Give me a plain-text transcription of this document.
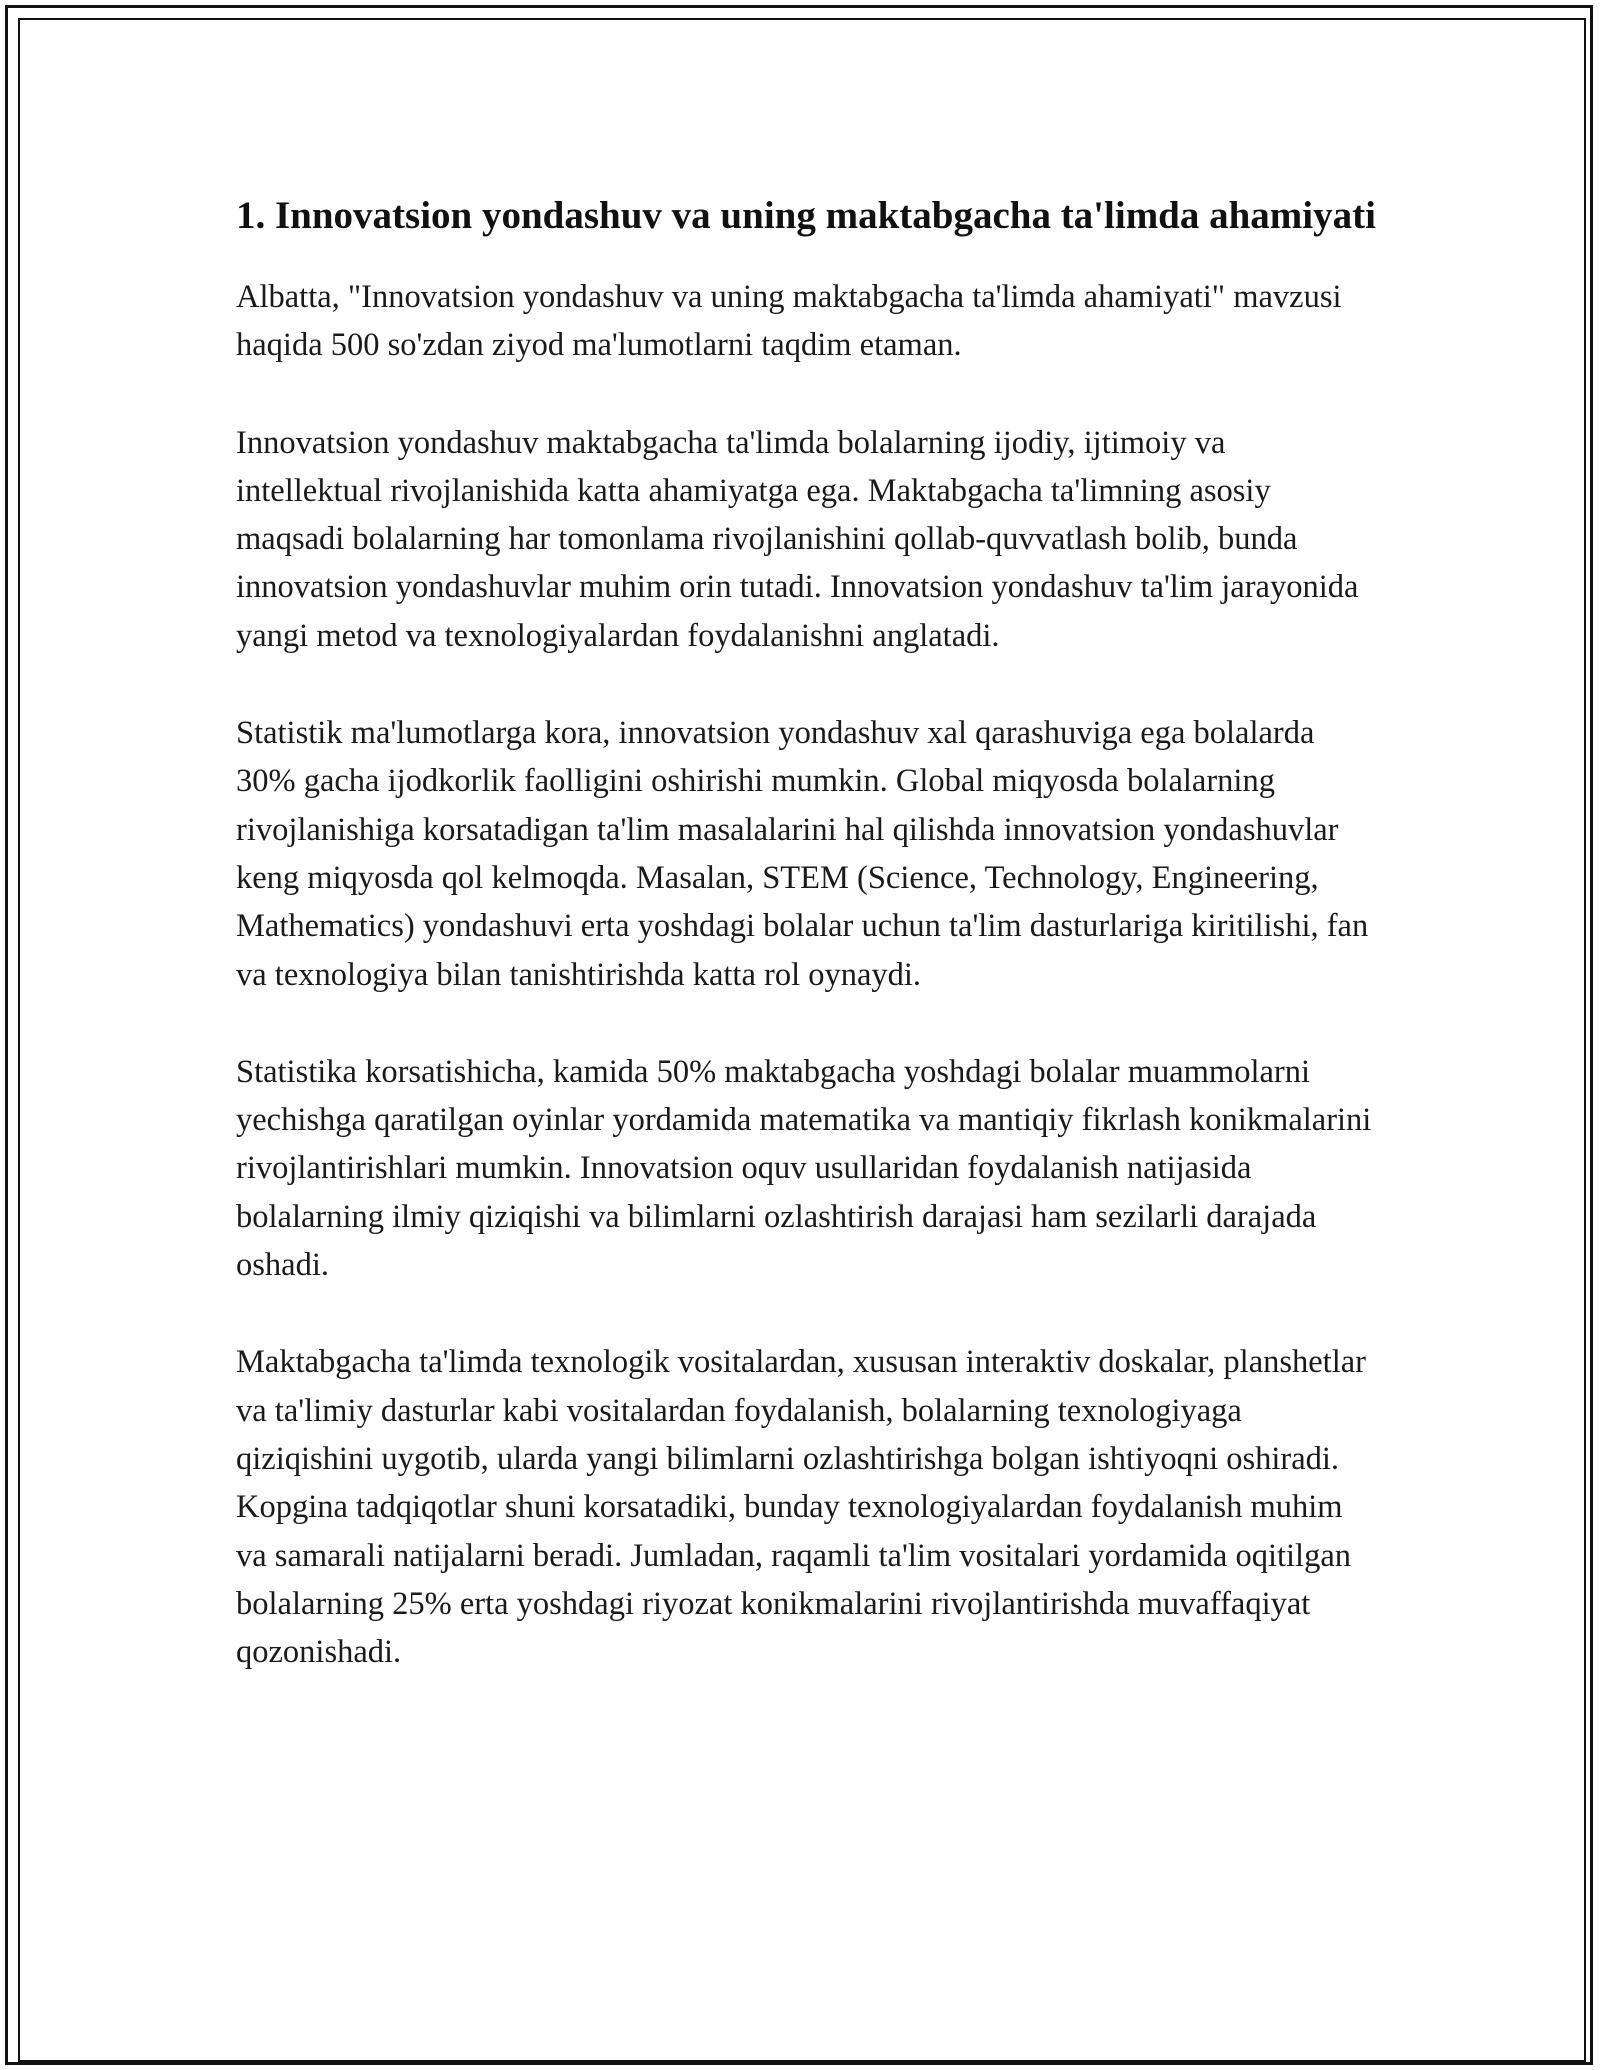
1. Innovatsion yondashuv va uning maktabgacha ta'limda ahamiyati

Albatta, "Innovatsion yondashuv va uning maktabgacha ta'limda ahamiyati" mavzusi haqida 500 so'zdan ziyod ma'lumotlarni taqdim etaman.

Innovatsion yondashuv maktabgacha ta'limda bolalarning ijodiy, ijtimoiy va intellektual rivojlanishida katta ahamiyatga ega. Maktabgacha ta'limning asosiy maqsadi bolalarning har tomonlama rivojlanishini qollab-quvvatlash bolib, bunda innovatsion yondashuvlar muhim orin tutadi. Innovatsion yondashuv ta'lim jarayonida yangi metod va texnologiyalardan foydalanishni anglatadi.

Statistik ma'lumotlarga kora, innovatsion yondashuv xal qarashuviga ega bolalarda 30% gacha ijodkorlik faolligini oshirishi mumkin. Global miqyosda bolalarning rivojlanishiga korsatadigan ta'lim masalalarini hal qilishda innovatsion yondashuvlar keng miqyosda qol kelmoqda. Masalan, STEM (Science, Technology, Engineering, Mathematics) yondashuvi erta yoshdagi bolalar uchun ta'lim dasturlariga kiritilishi, fan va texnologiya bilan tanishtirishda katta rol oynaydi.

Statistika korsatishicha, kamida 50% maktabgacha yoshdagi bolalar muammolarni yechishga qaratilgan oyinlar yordamida matematika va mantiqiy fikrlash konikmalarini rivojlantirishlari mumkin. Innovatsion oquv usullaridan foydalanish natijasida bolalarning ilmiy qiziqishi va bilimlarni ozlashtirish darajasi ham sezilarli darajada oshadi.

Maktabgacha ta'limda texnologik vositalardan, xususan interaktiv doskalar, planshetlar va ta'limiy dasturlar kabi vositalardan foydalanish, bolalarning texnologiyaga qiziqishini uygotib, ularda yangi bilimlarni ozlashtirishga bolgan ishtiyoqni oshiradi. Kopgina tadqiqotlar shuni korsatadiki, bunday texnologiyalardan foydalanish muhim va samarali natijalarni beradi. Jumladan, raqamli ta'lim vositalari yordamida oqitilgan bolalarning 25% erta yoshdagi riyozat konikmalarini rivojlantirishda muvaffaqiyat qozonishadi.
